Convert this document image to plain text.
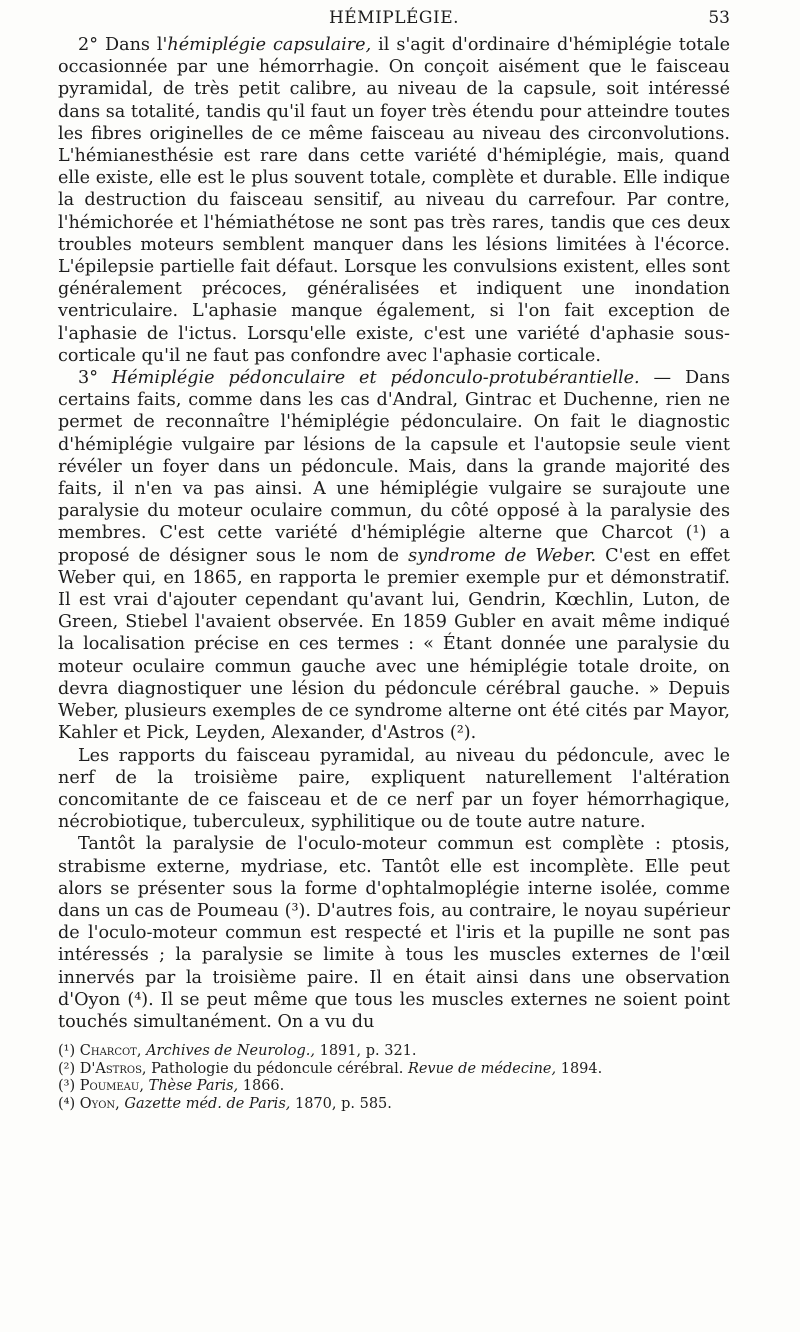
HÉMIPLÉGIE.	53

2° Dans l'hémiplégie capsulaire, il s'agit d'ordinaire d'hémiplégie totale occasionnée par une hémorrhagie. On conçoit aisément que le faisceau pyramidal, de très petit calibre, au niveau de la capsule, soit intéressé dans sa totalité, tandis qu'il faut un foyer très étendu pour atteindre toutes les fibres originelles de ce même faisceau au niveau des circonvolutions. L'hémianesthésie est rare dans cette variété d'hémiplégie, mais, quand elle existe, elle est le plus souvent totale, complète et durable. Elle indique la destruction du faisceau sensitif, au niveau du carrefour. Par contre, l'hémichorée et l'hémiathétose ne sont pas très rares, tandis que ces deux troubles moteurs semblent manquer dans les lésions limitées à l'écorce. L'épilepsie partielle fait défaut. Lorsque les convulsions existent, elles sont généralement précoces, généralisées et indiquent une inondation ventriculaire. L'aphasie manque également, si l'on fait exception de l'aphasie de l'ictus. Lorsqu'elle existe, c'est une variété d'aphasie sous-corticale qu'il ne faut pas confondre avec l'aphasie corticale.

3° Hémiplégie pédonculaire et pédonculo-protubérantielle. — Dans certains faits, comme dans les cas d'Andral, Gintrac et Duchenne, rien ne permet de reconnaître l'hémiplégie pédonculaire. On fait le diagnostic d'hémiplégie vulgaire par lésions de la capsule et l'autopsie seule vient révéler un foyer dans un pédoncule. Mais, dans la grande majorité des faits, il n'en va pas ainsi. A une hémiplégie vulgaire se surajoute une paralysie du moteur oculaire commun, du côté opposé à la paralysie des membres. C'est cette variété d'hémiplégie alterne que Charcot (¹) a proposé de désigner sous le nom de syndrome de Weber. C'est en effet Weber qui, en 1865, en rapporta le premier exemple pur et démonstratif. Il est vrai d'ajouter cependant qu'avant lui, Gendrin, Kœchlin, Luton, de Green, Stiebel l'avaient observée. En 1859 Gubler en avait même indiqué la localisation précise en ces termes : « Étant donnée une paralysie du moteur oculaire commun gauche avec une hémiplégie totale droite, on devra diagnostiquer une lésion du pédoncule cérébral gauche. » Depuis Weber, plusieurs exemples de ce syndrome alterne ont été cités par Mayor, Kahler et Pick, Leyden, Alexander, d'Astros (²).

Les rapports du faisceau pyramidal, au niveau du pédoncule, avec le nerf de la troisième paire, expliquent naturellement l'altération concomitante de ce faisceau et de ce nerf par un foyer hémorrhagique, nécrobiotique, tuberculeux, syphilitique ou de toute autre nature.

Tantôt la paralysie de l'oculo-moteur commun est complète : ptosis, strabisme externe, mydriase, etc. Tantôt elle est incomplète. Elle peut alors se présenter sous la forme d'ophtalmoplégie interne isolée, comme dans un cas de Poumeau (³). D'autres fois, au contraire, le noyau supérieur de l'oculo-moteur commun est respecté et l'iris et la pupille ne sont pas intéressés ; la paralysie se limite à tous les muscles externes de l'œil innervés par la troisième paire. Il en était ainsi dans une observation d'Oyon (⁴). Il se peut même que tous les muscles externes ne soient point touchés simultanément. On a vu du

(¹) Charcot, Archives de Neurolog., 1891, p. 321.
(²) D'Astros, Pathologie du pédoncule cérébral. Revue de médecine, 1894.
(³) Poumeau, Thèse Paris, 1866.
(⁴) Oyon, Gazette méd. de Paris, 1870, p. 585.
